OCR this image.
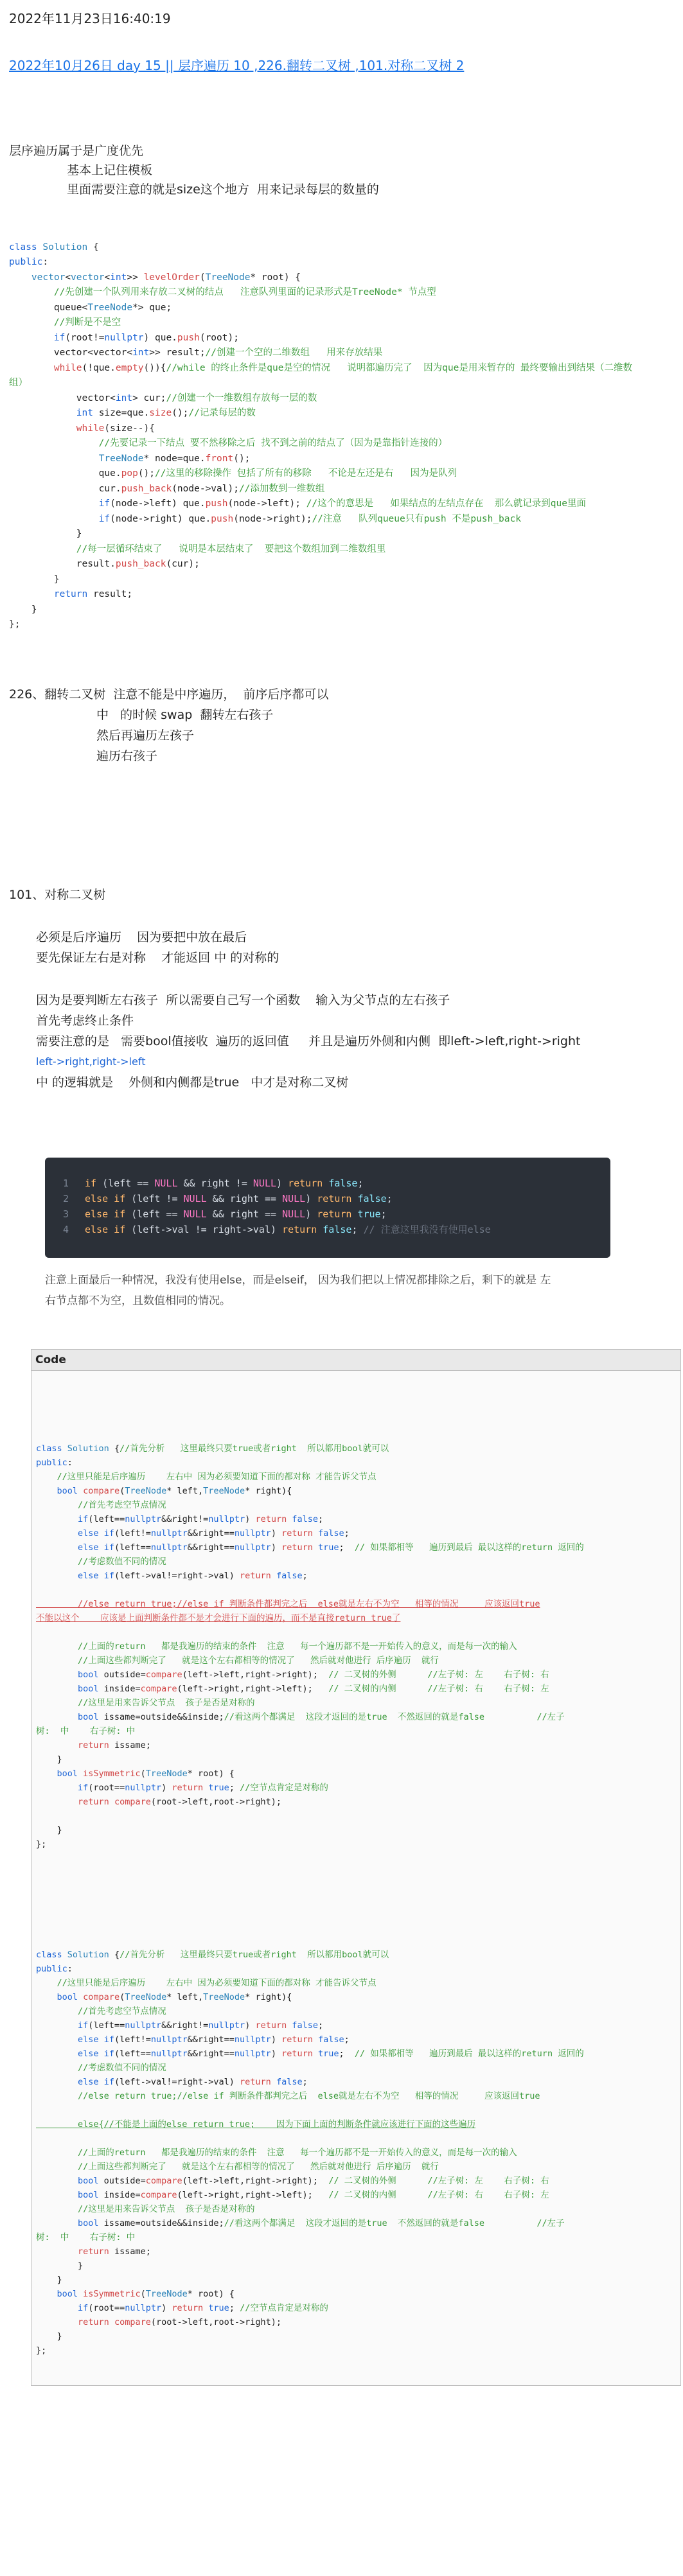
2022年11月23日16:40:19
2022年10月26日 day 15 || 层序遍历 10 ,226.翻转二叉树 ,101.对称二叉树 2
层序遍历属于是广度优先
基本上记住模板
里面需要注意的就是size这个地方  用来记录每层的数量的

class Solution {
public:
vector<vector<int>> levelOrder(TreeNode* root) {
//先创建一个队列用来存放二叉树的结点   注意队列里面的记录形式是TreeNode* 节点型
queue<TreeNode*> que;
//判断是不是空
if(root!=nullptr) que.push(root);
vector<vector<int>> result;//创建一个空的二维数组   用来存放结果
while(!que.empty()){//while 的终止条件是que是空的情况   说明都遍历完了  因为que是用来暂存的 最终要输出到结果（二维数
组）
vector<int> cur;//创建一个一维数组存放每一层的数
int size=que.size();//记录每层的数
while(size--){
//先要记录一下结点 要不然移除之后 找不到之前的结点了（因为是靠指针连接的）
TreeNode* node=que.front();
que.pop();//这里的移除操作 包括了所有的移除   不论是左还是右   因为是队列
cur.push_back(node->val);//添加数到一维数组
if(node->left) que.push(node->left); //这个的意思是   如果结点的左结点存在  那么就记录到que里面
if(node->right) que.push(node->right);//注意   队列queue只有push 不是push_back
}
//每一层循环结束了   说明是本层结束了  要把这个数组加到二维数组里
result.push_back(cur);
}
return result;
}
};

226、翻转二叉树  注意不能是中序遍历，  前序后序都可以
中   的时候 swap  翻转左右孩子
然后再遍历左孩子
遍历右孩子
101、对称二叉树
必须是后序遍历    因为要把中放在最后
要先保证左右是对称    才能返回 中 的对称的
因为是要判断左右孩子  所以需要自己写一个函数    输入为父节点的左右孩子
首先考虑终止条件
需要注意的是   需要bool值接收  遍历的返回值     并且是遍历外侧和内侧  即left->left,right->right
left->right,right->left
中 的逻辑就是    外侧和内侧都是true   中才是对称二叉树
1 if (left == NULL && right != NULL) return false;
2 else if (left != NULL && right == NULL) return false;
3 else if (left == NULL && right == NULL) return true;
4 else if (left->val != right->val) return false; // 注意这里我没有使用else
注意上面最后一种情况，我没有使用else，而是elseif， 因为我们把以上情况都排除之后，剩下的就是 左
右节点都不为空，且数值相同的情况。
Code

class Solution {//首先分析   这里最终只要true或者right  所以都用bool就可以
public:
//这里只能是后序遍历    左右中 因为必须要知道下面的都对称 才能告诉父节点
bool compare(TreeNode* left,TreeNode* right){
//首先考虑空节点情况
if(left==nullptr&&right!=nullptr) return false;
else if(left!=nullptr&&right==nullptr) return false;
else if(left==nullptr&&right==nullptr) return true;  // 如果都相等   遍历到最后 最以这样的return 返回的
//考虑数值不同的情况
else if(left->val!=right->val) return false;

//else return true;//else if 判断条件都判完之后  else就是左右不为空   相等的情况     应该返回true
不能以这个    应该是上面判断条件都不是才会进行下面的遍历，而不是直接return true了

//上面的return   都是我遍历的结束的条件  注意   每一个遍历都不是一开始传入的意义，而是每一次的输入
//上面这些都判断完了   就是这个左右都相等的情况了   然后就对他进行 后序遍历  就行
bool outside=compare(left->left,right->right);  // 二叉树的外侧      //左子树: 左    右子树: 右
bool inside=compare(left->right,right->left);   // 二叉树的内侧      //左子树: 右    右子树: 左
//这里是用来告诉父节点  孩子是否是对称的
bool issame=outside&&inside;//看这两个都满足  这段才返回的是true  不然返回的就是false          //左子
树:  中    右子树: 中
return issame;
}
bool isSymmetric(TreeNode* root) {
if(root==nullptr) return true; //空节点肯定是对称的
return compare(root->left,root->right);

}
};

class Solution {//首先分析   这里最终只要true或者right  所以都用bool就可以
public:
//这里只能是后序遍历    左右中 因为必须要知道下面的都对称 才能告诉父节点
bool compare(TreeNode* left,TreeNode* right){
//首先考虑空节点情况
if(left==nullptr&&right!=nullptr) return false;
else if(left!=nullptr&&right==nullptr) return false;
else if(left==nullptr&&right==nullptr) return true;  // 如果都相等   遍历到最后 最以这样的return 返回的
//考虑数值不同的情况
else if(left->val!=right->val) return false;
//else return true;//else if 判断条件都判完之后  else就是左右不为空   相等的情况     应该返回true

else{//不能是上面的else return true;    因为下面上面的判断条件就应该进行下面的这些遍历

//上面的return   都是我遍历的结束的条件  注意   每一个遍历都不是一开始传入的意义，而是每一次的输入
//上面这些都判断完了   就是这个左右都相等的情况了   然后就对他进行 后序遍历  就行
bool outside=compare(left->left,right->right);  // 二叉树的外侧      //左子树: 左    右子树: 右
bool inside=compare(left->right,right->left);   // 二叉树的内侧      //左子树: 右    右子树: 左
//这里是用来告诉父节点  孩子是否是对称的
bool issame=outside&&inside;//看这两个都满足  这段才返回的是true  不然返回的就是false          //左子
树:  中    右子树: 中
return issame;
}
}
bool isSymmetric(TreeNode* root) {
if(root==nullptr) return true; //空节点肯定是对称的
return compare(root->left,root->right);
}
};
